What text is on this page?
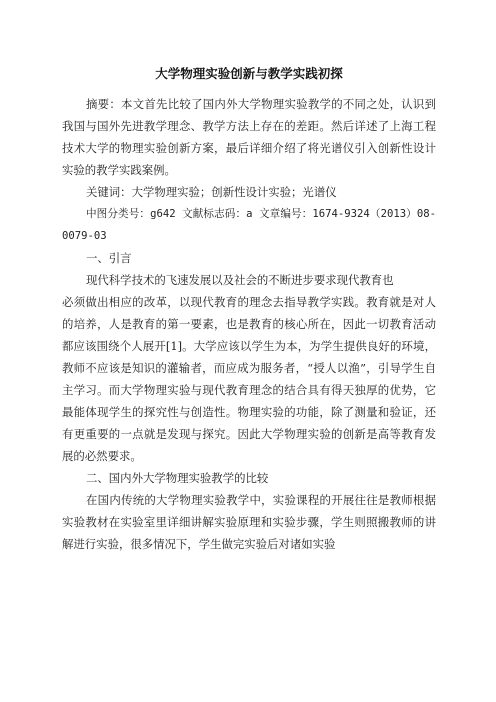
大学物理实验创新与教学实践初探

摘要：本文首先比较了国内外大学物理实验教学的不同之处，认识到我国与国外先进教学理念、教学方法上存在的差距。然后详述了上海工程技术大学的物理实验创新方案，最后详细介绍了将光谱仪引入创新性设计实验的教学实践案例。

关键词：大学物理实验；创新性设计实验；光谱仪

中图分类号：g642 文献标志码：a 文章编号：1674-9324（2013）08-0079-03

一、引言

现代科学技术的飞速发展以及社会的不断进步要求现代教育也

必须做出相应的改革，以现代教育的理念去指导教学实践。教育就是对人的培养，人是教育的第一要素，也是教育的核心所在，因此一切教育活动都应该围绕个人展开[1]。大学应该以学生为本，为学生提供良好的环境，教师不应该是知识的灌输者，而应成为服务者，“授人以渔”，引导学生自主学习。而大学物理实验与现代教育理念的结合具有得天独厚的优势，它最能体现学生的探究性与创造性。物理实验的功能，除了测量和验证，还有更重要的一点就是发现与探究。因此大学物理实验的创新是高等教育发展的必然要求。

二、国内外大学物理实验教学的比较

在国内传统的大学物理实验教学中，实验课程的开展往往是教师根据实验教材在实验室里详细讲解实验原理和实验步骤，学生则照搬教师的讲解进行实验，很多情况下，学生做完实验后对诸如实验
